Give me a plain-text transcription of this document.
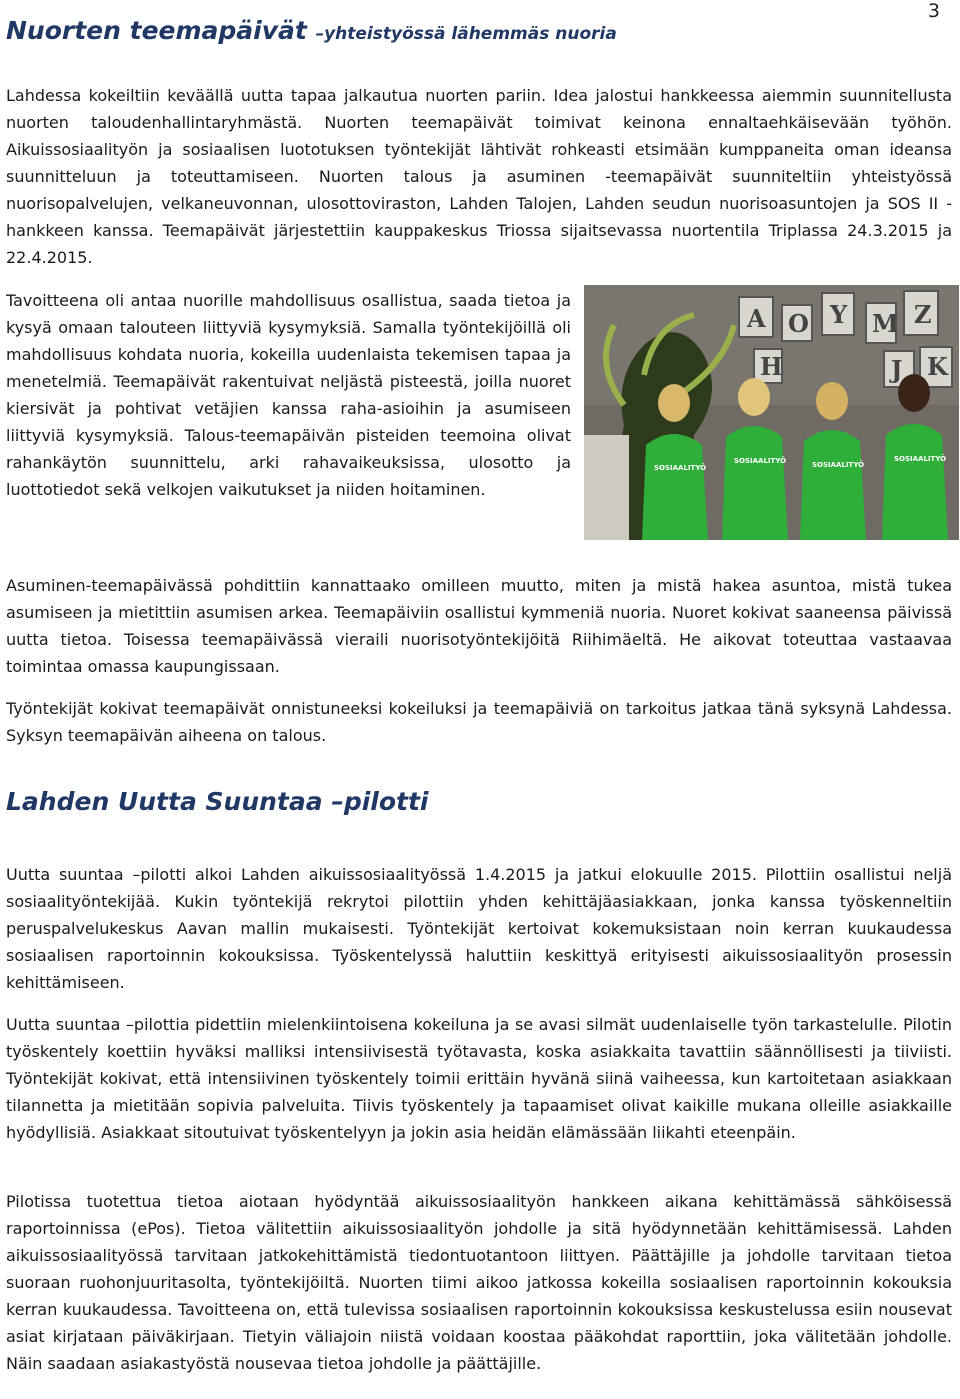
3
Nuorten teemapäivät –yhteistyössä lähemmäs nuoria

Lahdessa kokeiltiin keväällä uutta tapaa jalkautua nuorten pariin. Idea jalostui hankkeessa aiemmin suunnitellusta nuorten taloudenhallintaryhmästä. Nuorten teemapäivät toimivat keinona ennaltaehkäisevään työhön. Aikuissosiaalityön ja sosiaalisen luototuksen työntekijät lähtivät rohkeasti etsimään kumppaneita oman ideansa suunnitteluun ja toteuttamiseen. Nuorten talous ja asuminen -teemapäivät suunniteltiin yhteistyössä nuorisopalvelujen, velkaneuvonnan, ulosottoviraston, Lahden Talojen, Lahden seudun nuorisoasuntojen ja SOS II -hankkeen kanssa. Teemapäivät järjestettiin kauppakeskus Triossa sijaitsevassa nuortentila Triplassa 24.3.2015 ja 22.4.2015.

Tavoitteena oli antaa nuorille mahdollisuus osallistua, saada tietoa ja kysyä omaan talouteen liittyviä kysymyksiä. Samalla työntekijöillä oli mahdollisuus kohdata nuoria, kokeilla uudenlaista tekemisen tapaa ja menetelmiä. Teemapäivät rakentuivat neljästä pisteestä, joilla nuoret kiersivät ja pohtivat vetäjien kanssa raha-asioihin ja asumiseen liittyviä kysymyksiä. Talous-teemapäivän pisteiden teemoina olivat rahankäytön suunnittelu, arki rahavaikeuksissa, ulosotto ja luottotiedot sekä velkojen vaikutukset ja niiden hoitaminen.

A O Y M Z
H	J K
SOSIAALITYÖ
SOSIAALITYÖ	SOSIAALITYÖ
SOSIAALITYÖ

Asuminen-teemapäivässä pohdittiin kannattaako omilleen muutto, miten ja mistä hakea asuntoa, mistä tukea asumiseen ja mietittiin asumisen arkea. Teemapäiviin osallistui kymmeniä nuoria. Nuoret kokivat saaneensa päivissä uutta tietoa. Toisessa teemapäivässä vieraili nuorisotyöntekijöitä Riihimäeltä. He aikovat toteuttaa vastaavaa toimintaa omassa kaupungissaan.

Työntekijät kokivat teemapäivät onnistuneeksi kokeiluksi ja teemapäiviä on tarkoitus jatkaa tänä syksynä Lahdessa. Syksyn teemapäivän aiheena on talous.

Lahden Uutta Suuntaa –pilotti

Uutta suuntaa –pilotti alkoi Lahden aikuissosiaalityössä 1.4.2015 ja jatkui elokuulle 2015. Pilottiin osallistui neljä sosiaalityöntekijää. Kukin työntekijä rekrytoi pilottiin yhden kehittäjäasiakkaan, jonka kanssa työskenneltiin peruspalvelukeskus Aavan mallin mukaisesti. Työntekijät kertoivat kokemuksistaan noin kerran kuukaudessa sosiaalisen raportoinnin kokouksissa. Työskentelyssä haluttiin keskittyä erityisesti aikuissosiaalityön prosessin kehittämiseen.

Uutta suuntaa –pilottia pidettiin mielenkiintoisena kokeiluna ja se avasi silmät uudenlaiselle työn tarkastelulle. Pilotin työskentely koettiin hyväksi malliksi intensiivisestä työtavasta, koska asiakkaita tavattiin säännöllisesti ja tiiviisti. Työntekijät kokivat, että intensiivinen työskentely toimii erittäin hyvänä siinä vaiheessa, kun kartoitetaan asiakkaan tilannetta ja mietitään sopivia palveluita. Tiivis työskentely ja tapaamiset olivat kaikille mukana olleille asiakkaille hyödyllisiä. Asiakkaat sitoutuivat työskentelyyn ja jokin asia heidän elämässään liikahti eteenpäin.

Pilotissa tuotettua tietoa aiotaan hyödyntää aikuissosiaalityön hankkeen aikana kehittämässä sähköisessä raportoinnissa (ePos). Tietoa välitettiin aikuissosiaalityön johdolle ja sitä hyödynnetään kehittämisessä. Lahden aikuissosiaalityössä tarvitaan jatkokehittämistä tiedontuotantoon liittyen. Päättäjille ja johdolle tarvitaan tietoa suoraan ruohonjuuritasolta, työntekijöiltä. Nuorten tiimi aikoo jatkossa kokeilla sosiaalisen raportoinnin kokouksia kerran kuukaudessa. Tavoitteena on, että tulevissa sosiaalisen raportoinnin kokouksissa keskustelussa esiin nousevat asiat kirjataan päiväkirjaan. Tietyin väliajoin niistä voidaan koostaa pääkohdat raporttiin, joka välitetään johdolle. Näin saadaan asiakastyöstä nousevaa tietoa johdolle ja päättäjille.
